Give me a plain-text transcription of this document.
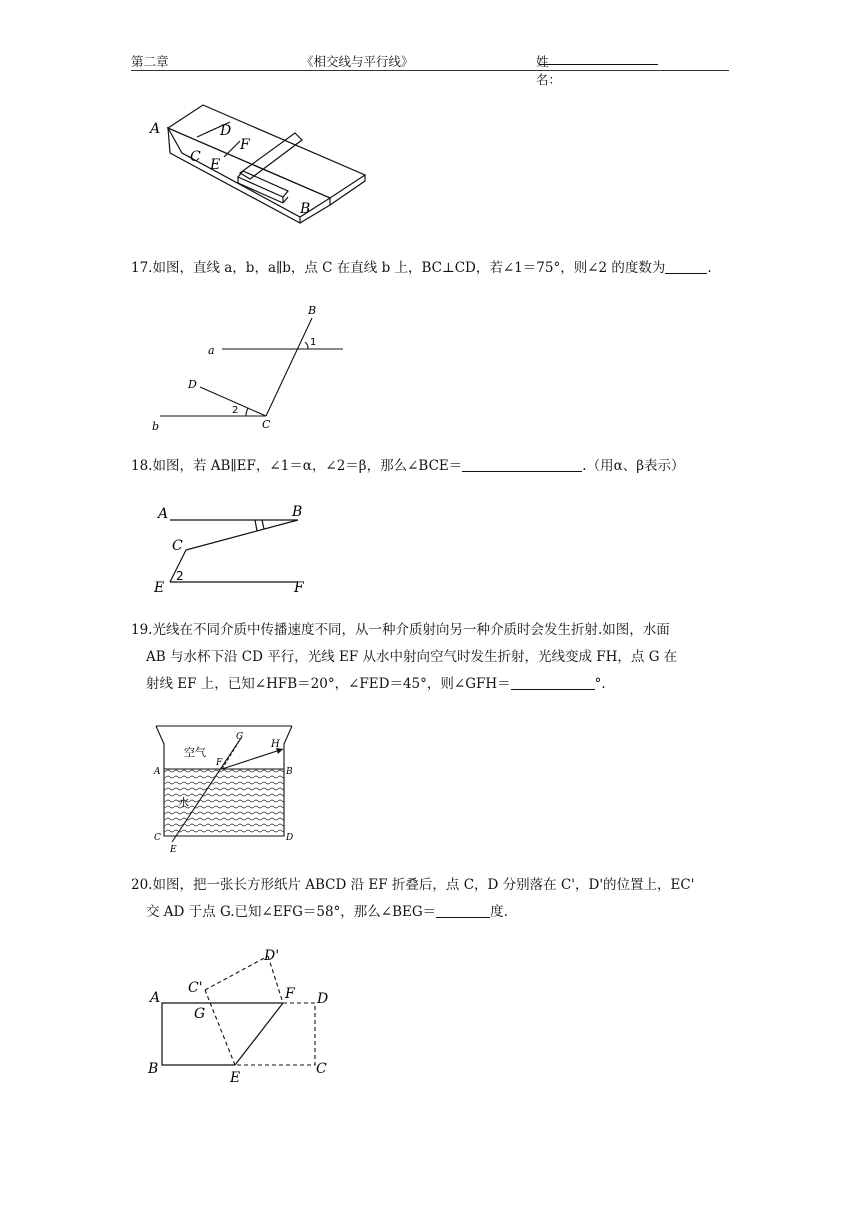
第二章	《相交线与平行线》	姓名：
A	D
C
F
E
B
17.如图，直线 a，b，a∥b，点 C 在直线 b 上，BC⊥CD，若∠1＝75°，则∠2 的度数为	.
B
a
1
D
2
b	C
18.如图，若 AB∥EF，∠1＝α，∠2＝β，那么∠BCE＝	.（用α、β表示）
A	B
C
2
E	F
19.光线在不同介质中传播速度不同，从一种介质射向另一种介质时会发生折射.如图，水面
AB 与水杯下沿 CD 平行，光线 EF 从水中射向空气时发生折射，光线变成 FH，点 G 在
射线 EF 上，已知∠HFB＝20°，∠FED＝45°，则∠GFH＝	°.
空气
水
G
H
F
A	B
C	D
E
20.如图，把一张长方形纸片 ABCD 沿 EF 折叠后，点 C，D 分别落在 C'，D'的位置上，EC'
交 AD 于点 G.已知∠EFG＝58°，那么∠BEG＝	度.
A
C'
D'
F D
G
B
E
C
